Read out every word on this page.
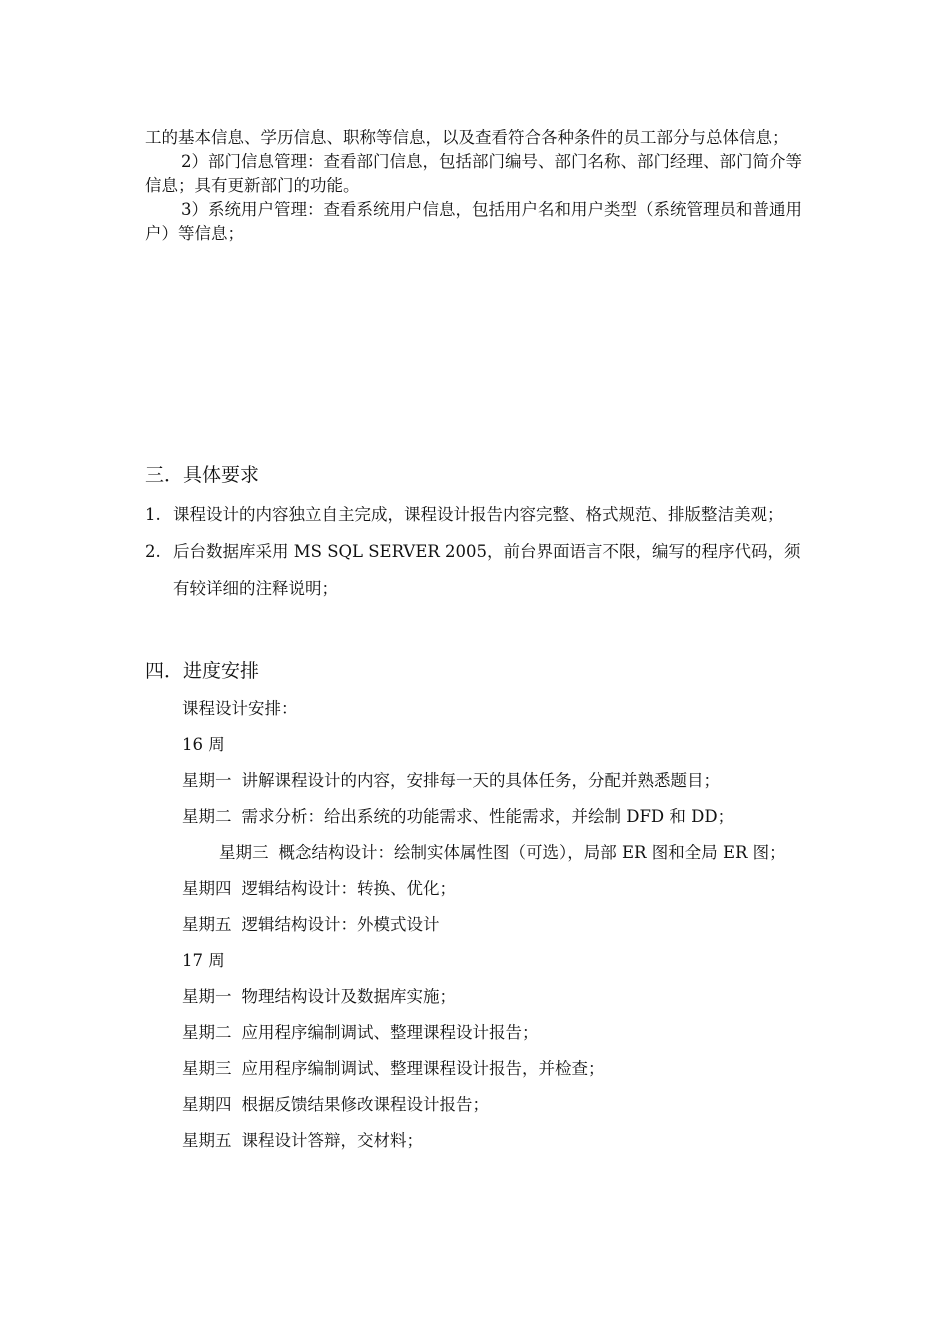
工的基本信息、学历信息、职称等信息，以及查看符合各种条件的员工部分与总体信息；

2）部门信息管理：查看部门信息，包括部门编号、部门名称、部门经理、部门简介等信息；具有更新部门的功能。

3）系统用户管理：查看系统用户信息，包括用户名和用户类型（系统管理员和普通用户）等信息；

三．具体要求
1. 课程设计的内容独立自主完成，课程设计报告内容完整、格式规范、排版整洁美观；
2. 后台数据库采用 MS SQL SERVER 2005，前台界面语言不限，编写的程序代码，须有较详细的注释说明；
四．进度安排

课程设计安排：

16 周

星期一 讲解课程设计的内容，安排每一天的具体任务，分配并熟悉题目；

星期二 需求分析：给出系统的功能需求、性能需求，并绘制 DFD 和 DD；

星期三 概念结构设计：绘制实体属性图（可选），局部 ER 图和全局 ER 图；

星期四 逻辑结构设计：转换、优化；

星期五 逻辑结构设计：外模式设计

17 周

星期一 物理结构设计及数据库实施；

星期二 应用程序编制调试、整理课程设计报告；

星期三 应用程序编制调试、整理课程设计报告，并检查；

星期四 根据反馈结果修改课程设计报告；

星期五 课程设计答辩，交材料；
